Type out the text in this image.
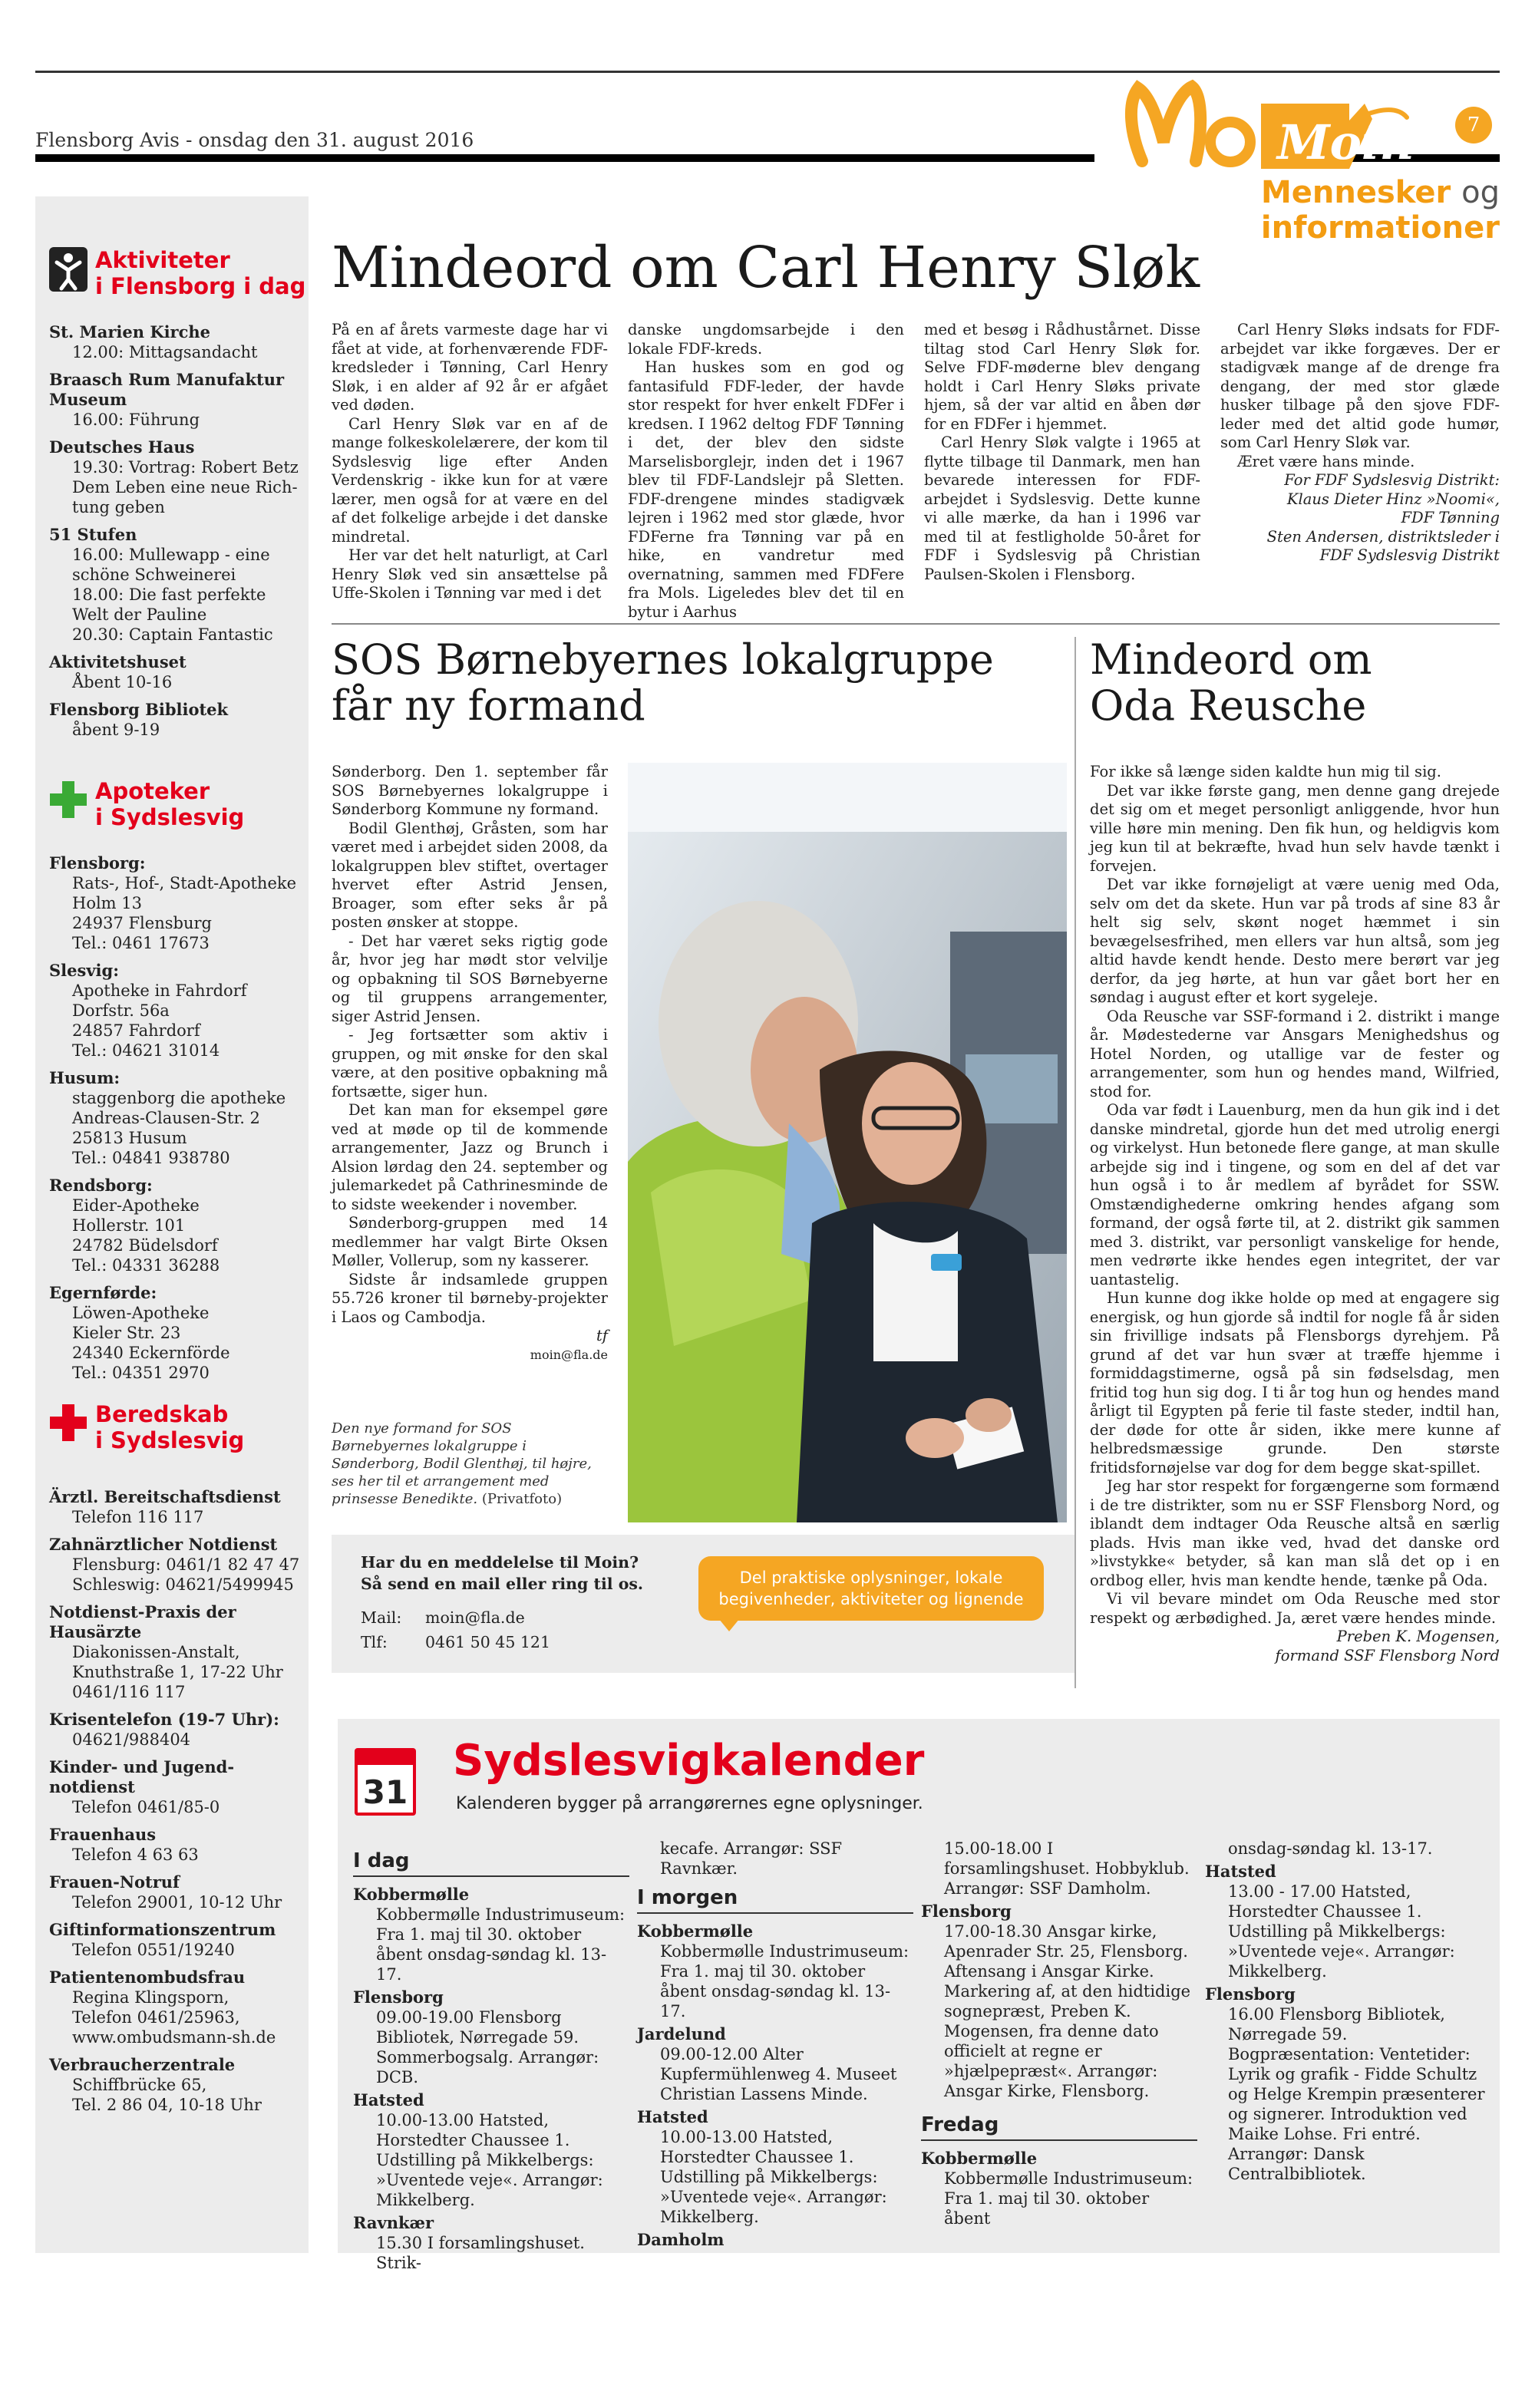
Flensborg Avis - onsdag den 31. august 2016	Moin	7
Mennesker og informationer
Aktiviteter
i Flensborg i dag
St. Marien Kirche
12.00: Mittagsandacht
Braasch Rum Manufaktur Museum
16.00: Führung
Deutsches Haus
19.30: Vortrag: Robert Betz Dem Leben eine neue Rich-tung geben
51 Stufen
16.00: Mullewapp - eine schöne Schweinerei
18.00: Die fast perfekte Welt der Pauline
20.30: Captain Fantastic
Aktivitetshuset
Åbent 10-16
Flensborg Bibliotek
åbent 9-19
Apoteker
i Sydslesvig
Flensborg:
Rats-, Hof-, Stadt-Apotheke
Holm 13
24937 Flensburg
Tel.: 0461 17673
Slesvig:
Apotheke in Fahrdorf
Dorfstr. 56a
24857 Fahrdorf
Tel.: 04621 31014
Husum:
staggenborg die apotheke
Andreas-Clausen-Str. 2
25813 Husum
Tel.: 04841 938780
Rendsborg:
Eider-Apotheke
Hollerstr. 101
24782 Büdelsdorf
Tel.: 04331 36288
Egernførde:
Löwen-Apotheke
Kieler Str. 23
24340 Eckernförde
Tel.: 04351 2970
Beredskab
i Sydslesvig
Ärztl. Bereitschaftsdienst
Telefon 116 117
Zahnärztlicher Notdienst
Flensburg: 0461/1 82 47 47
Schleswig: 04621/5499945
Notdienst-Praxis der Hausärzte
Diakonissen-Anstalt, Knuthstraße 1, 17-22 Uhr
0461/116 117
Krisentelefon (19-7 Uhr):
04621/988404
Kinder- und Jugend-notdienst
Telefon 0461/85-0
Frauenhaus
Telefon 4 63 63
Frauen-Notruf
Telefon 29001, 10-12 Uhr
Giftinformationszentrum
Telefon 0551/19240
Patientenombudsfrau
Regina Klingsporn,
Telefon 0461/25963,
www.ombudsmann-sh.de
Verbraucherzentrale
Schiffbrücke 65,
Tel. 2 86 04, 10-18 Uhr
Mindeord om Carl Henry Sløk

På en af årets varmeste dage har vi fået at vide, at forhenværende FDF-kredsleder i Tønning, Carl Henry Sløk, i en alder af 92 år er afgået ved døden.

Carl Henry Sløk var en af de mange folkeskolelærere, der kom til Sydslesvig lige efter Anden Verdenskrig - ikke kun for at være lærer, men også for at være en del af det folkelige arbejde i det danske mindretal.

Her var det helt naturligt, at Carl Henry Sløk ved sin ansættelse på Uffe-Skolen i Tønning var med i det

danske ungdomsarbejde i den lokale FDF-kreds.

Han huskes som en god og fantasifuld FDF-leder, der havde stor respekt for hver enkelt FDFer i kredsen. I 1962 deltog FDF Tønning i det, der blev den sidste Marselisborglejr, inden det i 1967 blev til FDF-Landslejr på Sletten. FDF-drengene mindes stadigvæk lejren i 1962 med stor glæde, hvor FDFerne fra Tønning var på en hike, en vandretur med overnatning, sammen med FDFere fra Mols. Ligeledes blev det til en bytur i Aarhus

med et besøg i Rådhustårnet. Disse tiltag stod Carl Henry Sløk for. Selve FDF-møderne blev dengang holdt i Carl Henry Sløks private hjem, så der var altid en åben dør for en FDFer i hjemmet.

Carl Henry Sløk valgte i 1965 at flytte tilbage til Danmark, men han bevarede interessen for FDF-arbejdet i Sydslesvig. Dette kunne vi alle mærke, da han i 1996 var med til at festligholde 50-året for FDF i Sydslesvig på Christian Paulsen-Skolen i Flensborg.

Carl Henry Sløks indsats for FDF-arbejdet var ikke forgæves. Der er stadigvæk mange af de drenge fra dengang, der med stor glæde husker tilbage på den sjove FDF-leder med det altid gode humør, som Carl Henry Sløk var.

Æret være hans minde.

For FDF Sydslesvig Distrikt:
Klaus Dieter Hinz »Noomi«,
FDF Tønning
Sten Andersen, distriktsleder i
FDF Sydslesvig Distrikt
SOS Børnebyernes lokalgruppe
får ny formand

Sønderborg. Den 1. september får SOS Børnebyernes lokalgruppe i Sønderborg Kommune ny formand.

Bodil Glenthøj, Gråsten, som har været med i arbejdet siden 2008, da lokalgruppen blev stiftet, overtager hvervet efter Astrid Jensen, Broager, som efter seks år på posten ønsker at stoppe.

- Det har været seks rigtig gode år, hvor jeg har mødt stor velvilje og opbakning til SOS Børnebyerne og til gruppens arrangementer, siger Astrid Jensen.

- Jeg fortsætter som aktiv i gruppen, og mit ønske for den skal være, at den positive opbakning må fortsætte, siger hun.

Det kan man for eksempel gøre ved at møde op til de kommende arrangementer, Jazz og Brunch i Alsion lørdag den 24. september og julemarkedet på Cathrinesminde de to sidste weekender i november.

Sønderborg-gruppen med 14 medlemmer har valgt Birte Oksen Møller, Vollerup, som ny kasserer.

Sidste år indsamlede gruppen 55.726 kroner til børneby-projekter i Laos og Cambodja.

tf
moin@fla.de
Den nye formand for SOS Børnebyernes lokalgruppe i Sønderborg, Bodil Glenthøj, til højre, ses her til et arrangement med prinsesse Benedikte. (Privatfoto)
Har du en meddelelse til Moin?
Så send en mail eller ring til os.
Mail: moin@fla.de
Tlf: 0461 50 45 121
Del praktiske oplysninger, lokale begivenheder, aktiviteter og lignende
Mindeord om
Oda Reusche

For ikke så længe siden kaldte hun mig til sig.

Det var ikke første gang, men denne gang drejede det sig om et meget personligt anliggende, hvor hun ville høre min mening. Den fik hun, og heldigvis kom jeg kun til at bekræfte, hvad hun selv havde tænkt i forvejen.

Det var ikke fornøjeligt at være uenig med Oda, selv om det da skete. Hun var på trods af sine 83 år helt sig selv, skønt noget hæmmet i sin bevægelsesfrihed, men ellers var hun altså, som jeg altid havde kendt hende. Desto mere berørt var jeg derfor, da jeg hørte, at hun var gået bort her en søndag i august efter et kort sygeleje.

Oda Reusche var SSF-formand i 2. distrikt i mange år. Mødestederne var Ansgars Menighedshus og Hotel Norden, og utallige var de fester og arrangementer, som hun og hendes mand, Wilfried, stod for.

Oda var født i Lauenburg, men da hun gik ind i det danske mindretal, gjorde hun det med utrolig energi og virkelyst. Hun betonede flere gange, at man skulle arbejde sig ind i tingene, og som en del af det var hun også i to år medlem af byrådet for SSW. Omstændighederne omkring hendes afgang som formand, der også førte til, at 2. distrikt gik sammen med 3. distrikt, var personligt vanskelige for hende, men vedrørte ikke hendes egen integritet, der var uantastelig.

Hun kunne dog ikke holde op med at engagere sig energisk, og hun gjorde så indtil for nogle få år siden sin frivillige indsats på Flensborgs dyrehjem. På grund af det var hun svær at træffe hjemme i formiddagstimerne, også på sin fødselsdag, men fritid tog hun sig dog. I ti år tog hun og hendes mand årligt til Egypten på ferie til faste steder, indtil han, der døde for otte år siden, ikke mere kunne af helbredsmæssige grunde. Den største fritidsfornøjelse var dog for dem begge skat-spillet.

Jeg har stor respekt for forgængerne som formænd i de tre distrikter, som nu er SSF Flensborg Nord, og iblandt dem indtager Oda Reusche altså en særlig plads. Hvis man ikke ved, hvad det danske ord »livstykke« betyder, så kan man slå det op i en ordbog eller, hvis man kendte hende, tænke på Oda.

Vi vil bevare mindet om Oda Reusche med stor respekt og ærbødighed. Ja, æret være hendes minde.

Preben K. Mogensen,
formand SSF Flensborg Nord
31
Sydslesvigkalender
Kalenderen bygger på arrangørernes egne oplysninger.
I dag
Kobbermølle
Kobbermølle Industrimuseum: Fra 1. maj til 30. oktober åbent onsdag-søndag kl. 13-17.
Flensborg
09.00-19.00 Flensborg Bibliotek, Nørregade 59. Sommerbogsalg. Arrangør: DCB.
Hatsted
10.00-13.00 Hatsted, Horstedter Chaussee 1. Udstilling på Mikkelbergs: »Uventede veje«. Arrangør: Mikkelberg.
Ravnkær
15.30 I forsamlingshuset. Strik-
kecafe. Arrangør: SSF Ravnkær.
I morgen
Kobbermølle
Kobbermølle Industrimuseum: Fra 1. maj til 30. oktober åbent onsdag-søndag kl. 13-17.
Jardelund
09.00-12.00 Alter Kupfermühlenweg 4. Museet Christian Lassens Minde.
Hatsted
10.00-13.00 Hatsted, Horstedter Chaussee 1. Udstilling på Mikkelbergs: »Uventede veje«. Arrangør: Mikkelberg.
Damholm
15.00-18.00 I forsamlingshuset. Hobbyklub. Arrangør: SSF Damholm.
Flensborg
17.00-18.30 Ansgar kirke, Apenrader Str. 25, Flensborg. Aftensang i Ansgar Kirke. Markering af, at den hidtidige sognepræst, Preben K. Mogensen, fra denne dato officielt at regne er »hjælpepræst«. Arrangør: Ansgar Kirke, Flensborg.
Fredag
Kobbermølle
Kobbermølle Industrimuseum: Fra 1. maj til 30. oktober åbent
onsdag-søndag kl. 13-17.
Hatsted
13.00 - 17.00 Hatsted, Horstedter Chaussee 1. Udstilling på Mikkelbergs: »Uventede veje«. Arrangør: Mikkelberg.
Flensborg
16.00 Flensborg Bibliotek, Nørregade 59. Bogpræsentation: Ventetider: Lyrik og grafik - Fidde Schultz og Helge Krempin præsenterer og signerer. Introduktion ved Maike Lohse. Fri entré. Arrangør: Dansk Centralbibliotek.
